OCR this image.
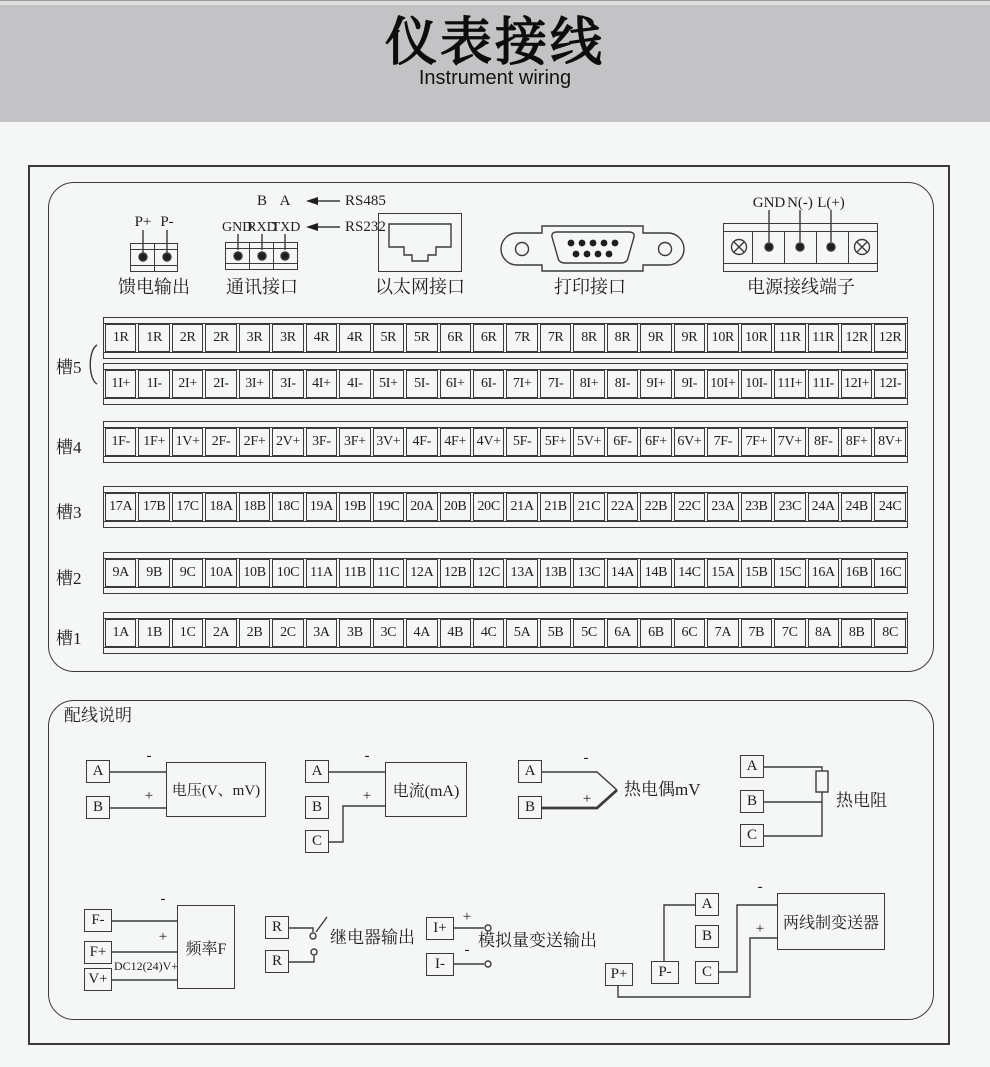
仪表接线
Instrument wiring
P+ P-
馈电输出
B A	RS485
GND
RXD
TXD	RS232
通讯接口	以太网接口	打印接口
GND N(-) L(+)
电源接线端子
槽5
1R	1R	2R	2R	3R	3R	4R	4R	5R	5R	6R	6R	7R	7R	8R	8R	9R	9R	10R 10R 11R 11R 12R 12R
1I+	1I-	2I+	2I-	3I+	3I-	4I+	4I-	5I+	5I-	6I+	6I-	7I+	7I-	8I+	8I-	9I+	9I- 10I+ 10I- 11I+ 11I- 12I+ 12I-
槽4	1F- 1F+ 1V+ 2F- 2F+ 2V+ 3F- 3F+ 3V+ 4F- 4F+ 4V+ 5F- 5F+ 5V+ 6F- 6F+ 6V+ 7F- 7F+ 7V+ 8F- 8F+ 8V+
槽3	17A 17B 17C 18A 18B 18C 19A 19B 19C 20A 20B 20C 21A 21B 21C 22A 22B 22C 23A 23B 23C 24A 24B 24C
槽2	9A	9B	9C 10A 10B 10C 11A 11B 11C 12A 12B 12C 13A 13B 13C 14A 14B 14C 15A 15B 15C 16A 16B 16C
槽1	1A	1B	1C	2A	2B	2C	3A	3B	3C	4A	4B	4C	5A	5B	5C	6A	6B	6C	7A	7B	7C	8A	8B	8C
配线说明
A
B
-
+	电压(V、mV)
A
B
C
-
+	电流(mA)
A
B
-
+ 热电偶mV
A
B
C
热电阻
F-
F+
V+
-
+
DC12(24)V+
频率F
R
R
继电器输出	I+
I-
+
- 模拟量变送输出
A
B
C
P+	P-
-
+	两线制变送器
